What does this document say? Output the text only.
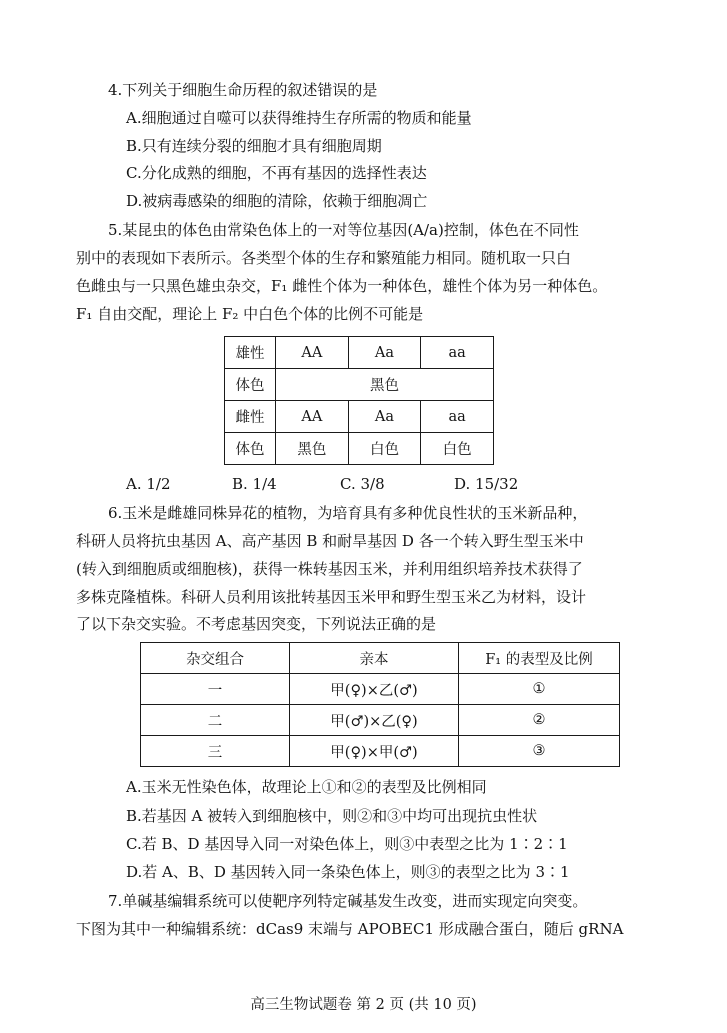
4.下列关于细胞生命历程的叙述错误的是
A.细胞通过自噬可以获得维持生存所需的物质和能量
B.只有连续分裂的细胞才具有细胞周期
C.分化成熟的细胞，不再有基因的选择性表达
D.被病毒感染的细胞的清除，依赖于细胞凋亡
5.某昆虫的体色由常染色体上的一对等位基因(A/a)控制，体色在不同性
别中的表现如下表所示。各类型个体的生存和繁殖能力相同。随机取一只白
色雌虫与一只黑色雄虫杂交，F₁ 雌性个体为一种体色，雄性个体为另一种体色。
F₁ 自由交配，理论上 F₂ 中白色个体的比例不可能是
雄性	AA	Aa	aa
体色	黑色		
雌性	AA	Aa	aa
体色	黑色	白色	白色
A. 1/2	B. 1/4	C. 3/8	D. 15/32
6.玉米是雌雄同株异花的植物，为培育具有多种优良性状的玉米新品种，
科研人员将抗虫基因 A、高产基因 B 和耐旱基因 D 各一个转入野生型玉米中
(转入到细胞质或细胞核)，获得一株转基因玉米，并利用组织培养技术获得了
多株克隆植株。科研人员利用该批转基因玉米甲和野生型玉米乙为材料，设计
了以下杂交实验。不考虑基因突变，下列说法正确的是
杂交组合	亲本	F₁ 的表型及比例
一	甲(♀)×乙(♂)	①
二	甲(♂)×乙(♀)	②
三	甲(♀)×甲(♂)	③
A.玉米无性染色体，故理论上①和②的表型及比例相同
B.若基因 A 被转入到细胞核中，则②和③中均可出现抗虫性状
C.若 B、D 基因导入同一对染色体上，则③中表型之比为 1∶2∶1
D.若 A、B、D 基因转入同一条染色体上，则③的表型之比为 3∶1
7.单碱基编辑系统可以使靶序列特定碱基发生改变，进而实现定向突变。
下图为其中一种编辑系统：dCas9 末端与 APOBEC1 形成融合蛋白，随后 gRNA
高三生物试题卷 第 2 页 (共 10 页)
